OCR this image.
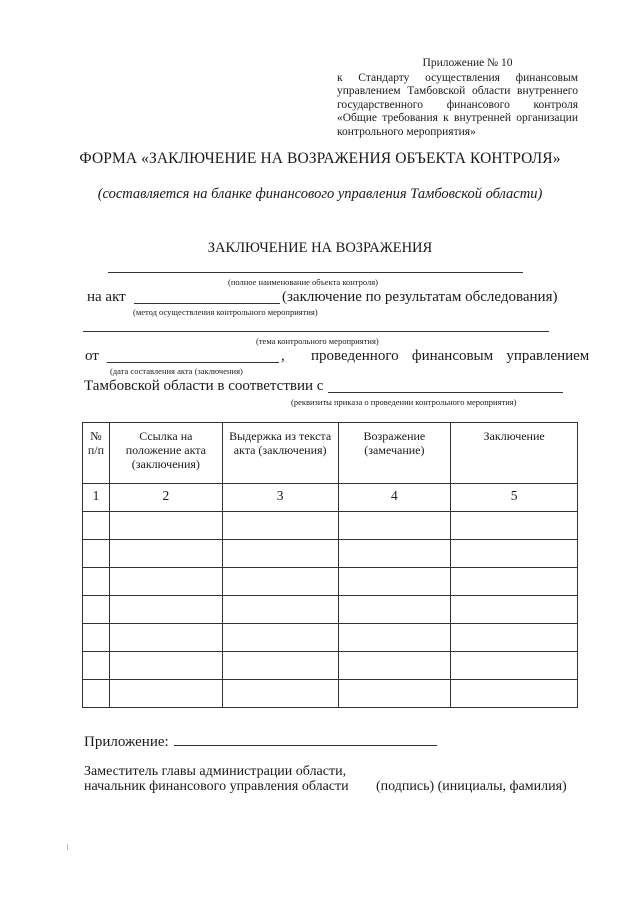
Приложение № 10
к Стандарту осуществления финансовым управлением Тамбовской области внутреннего государственного финансового контроля «Общие требования к внутренней организации контрольного мероприятия»
ФОРМА «ЗАКЛЮЧЕНИЕ НА ВОЗРАЖЕНИЯ ОБЪЕКТА КОНТРОЛЯ»
(составляется на бланке финансового управления Тамбовской области)
ЗАКЛЮЧЕНИЕ НА ВОЗРАЖЕНИЯ
(полное наименование объекта контроля)
на акт	(заключение по результатам обследования)
(метод осуществления контрольного мероприятия)
(тема контрольного мероприятия)
от	, проведенного финансовым управлением
(дата составления акта (заключения)
Тамбовской области в соответствии с
(реквизиты приказа о проведении контрольного мероприятия)
№ п/п	Ссылка на положение акта (заключения)	Выдержка из текста акта (заключения)	Возражение (замечание)	Заключение
1	2	3	4	5

Приложение:
Заместитель главы администрации области,
начальник финансового управления области (подпись) (инициалы, фамилия)
